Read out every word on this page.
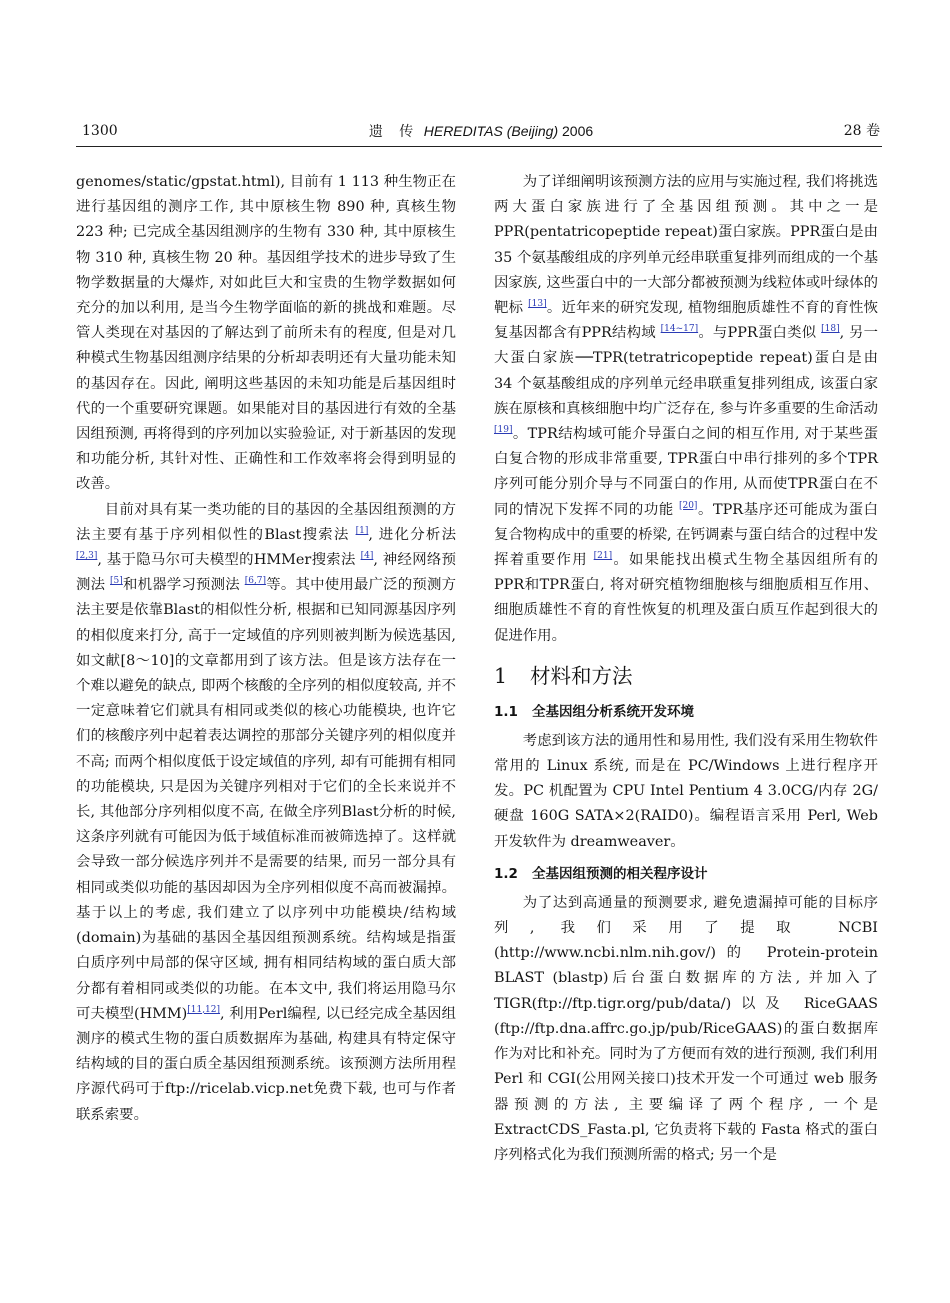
1300	遗 传 HEREDITAS (Beijing) 2006	28 卷

genomes/static/gpstat.html), 目前有 1 113 种生物正在进行基因组的测序工作, 其中原核生物 890 种, 真核生物 223 种; 已完成全基因组测序的生物有 330 种, 其中原核生物 310 种, 真核生物 20 种。基因组学技术的进步导致了生物学数据量的大爆炸, 对如此巨大和宝贵的生物学数据如何充分的加以利用, 是当今生物学面临的新的挑战和难题。尽管人类现在对基因的了解达到了前所未有的程度, 但是对几种模式生物基因组测序结果的分析却表明还有大量功能未知的基因存在。因此, 阐明这些基因的未知功能是后基因组时代的一个重要研究课题。如果能对目的基因进行有效的全基因组预测, 再将得到的序列加以实验验证, 对于新基因的发现和功能分析, 其针对性、正确性和工作效率将会得到明显的改善。

目前对具有某一类功能的目的基因的全基因组预测的方法主要有基于序列相似性的Blast搜索法 [1], 进化分析法 [2,3], 基于隐马尔可夫模型的HMMer搜索法 [4], 神经网络预测法 [5]和机器学习预测法 [6,7]等。其中使用最广泛的预测方法主要是依靠Blast的相似性分析, 根据和已知同源基因序列的相似度来打分, 高于一定域值的序列则被判断为候选基因, 如文献[8～10]的文章都用到了该方法。但是该方法存在一个难以避免的缺点, 即两个核酸的全序列的相似度较高, 并不一定意味着它们就具有相同或类似的核心功能模块, 也许它们的核酸序列中起着表达调控的那部分关键序列的相似度并不高; 而两个相似度低于设定域值的序列, 却有可能拥有相同的功能模块, 只是因为关键序列相对于它们的全长来说并不长, 其他部分序列相似度不高, 在做全序列Blast分析的时候, 这条序列就有可能因为低于域值标准而被筛选掉了。这样就会导致一部分候选序列并不是需要的结果, 而另一部分具有相同或类似功能的基因却因为全序列相似度不高而被漏掉。基于以上的考虑, 我们建立了以序列中功能模块/结构域(domain)为基础的基因全基因组预测系统。结构域是指蛋白质序列中局部的保守区域, 拥有相同结构域的蛋白质大部分都有着相同或类似的功能。在本文中, 我们将运用隐马尔可夫模型(HMM)[11,12], 利用Perl编程, 以已经完成全基因组测序的模式生物的蛋白质数据库为基础, 构建具有特定保守结构域的目的蛋白质全基因组预测系统。该预测方法所用程序源代码可于ftp://ricelab.vicp.net免费下载, 也可与作者联系索要。

为了详细阐明该预测方法的应用与实施过程, 我们将挑选两大蛋白家族进行了全基因组预测。其中之一是PPR(pentatricopeptide repeat)蛋白家族。PPR蛋白是由 35 个氨基酸组成的序列单元经串联重复排列而组成的一个基因家族, 这些蛋白中的一大部分都被预测为线粒体或叶绿体的靶标 [13]。近年来的研究发现, 植物细胞质雄性不育的育性恢复基因都含有PPR结构域 [14~17]。与PPR蛋白类似 [18], 另一大蛋白家族──TPR(tetratricopeptide repeat)蛋白是由 34 个氨基酸组成的序列单元经串联重复排列组成, 该蛋白家族在原核和真核细胞中均广泛存在, 参与许多重要的生命活动 [19]。TPR结构域可能介导蛋白之间的相互作用, 对于某些蛋白复合物的形成非常重要, TPR蛋白中串行排列的多个TPR序列可能分别介导与不同蛋白的作用, 从而使TPR蛋白在不同的情况下发挥不同的功能 [20]。TPR基序还可能成为蛋白复合物构成中的重要的桥梁, 在钙调素与蛋白结合的过程中发挥着重要作用 [21]。如果能找出模式生物全基因组所有的PPR和TPR蛋白, 将对研究植物细胞核与细胞质相互作用、细胞质雄性不育的育性恢复的机理及蛋白质互作起到很大的促进作用。

1 材料和方法
1.1 全基因组分析系统开发环境

考虑到该方法的通用性和易用性, 我们没有采用生物软件常用的 Linux 系统, 而是在 PC/Windows 上进行程序开发。PC 机配置为 CPU Intel Pentium 4 3.0CG/内存 2G/硬盘 160G SATA×2(RAID0)。编程语言采用 Perl, Web 开发软件为 dreamweaver。

1.2 全基因组预测的相关程序设计

为了达到高通量的预测要求, 避免遗漏掉可能的目标序列, 我们采用了提取 NCBI (http://www.ncbi.nlm.nih.gov/)的 Protein-protein BLAST (blastp)后台蛋白数据库的方法, 并加入了 TIGR(ftp://ftp.tigr.org/pub/data/)以及 RiceGAAS (ftp://ftp.dna.affrc.go.jp/pub/RiceGAAS)的蛋白数据库作为对比和补充。同时为了方便而有效的进行预测, 我们利用 Perl 和 CGI(公用网关接口)技术开发一个可通过 web 服务器预测的方法, 主要编译了两个程序, 一个是 ExtractCDS_Fasta.pl, 它负责将下载的 Fasta 格式的蛋白序列格式化为我们预测所需的格式; 另一个是
